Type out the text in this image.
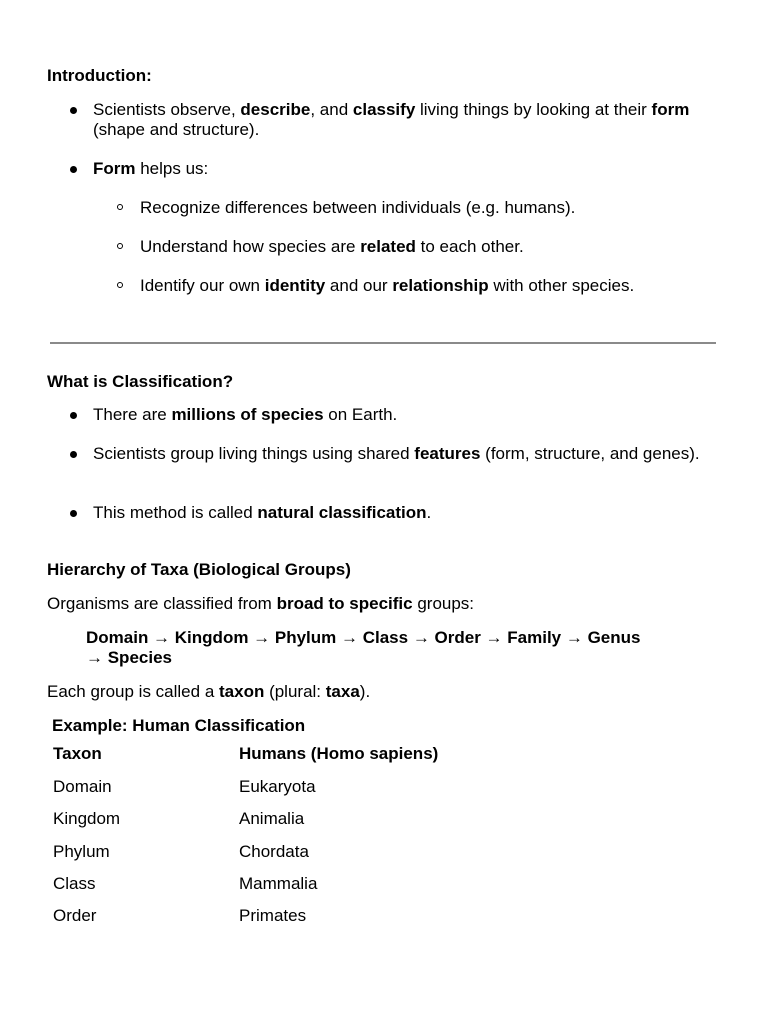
Introduction:
Scientists observe, describe, and classify living things by looking at their form (shape and structure).
Form helps us:
Recognize differences between individuals (e.g. humans).
Understand how species are related to each other.
Identify our own identity and our relationship with other species.
What is Classification?
There are millions of species on Earth.
Scientists group living things using shared features (form, structure, and genes).
This method is called natural classification.
Hierarchy of Taxa (Biological Groups)
Organisms are classified from broad to specific groups:
Domain → Kingdom → Phylum → Class → Order → Family → Genus
→ Species
Each group is called a taxon (plural: taxa).
Example: Human Classification
Taxon	Humans (Homo sapiens)
Domain	Eukaryota
Kingdom	Animalia
Phylum	Chordata
Class	Mammalia
Order	Primates
